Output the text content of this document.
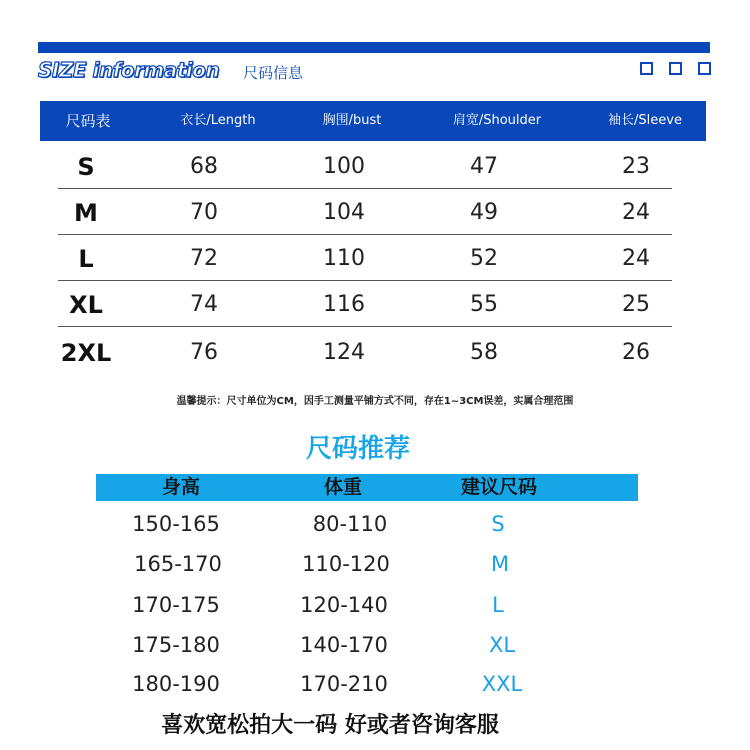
SIZE information 尺码信息
尺码表	衣长/Length	胸围/bust	肩宽/Shoulder	袖长/Sleeve
S	68	100	47	23
M	70	104	49	24
L	72	110	52	24
XL	74	116	55	25
2XL	76	124	58	26
温馨提示：尺寸单位为CM，因手工测量平铺方式不同，存在1~3CM误差，实属合理范围
尺码推荐
身高	体重	建议尺码
150-165	80-110	S
165-170	110-120	M
170-175	120-140	L
175-180	140-170	XL
180-190	170-210	XXL
喜欢宽松拍大一码 好或者咨询客服
